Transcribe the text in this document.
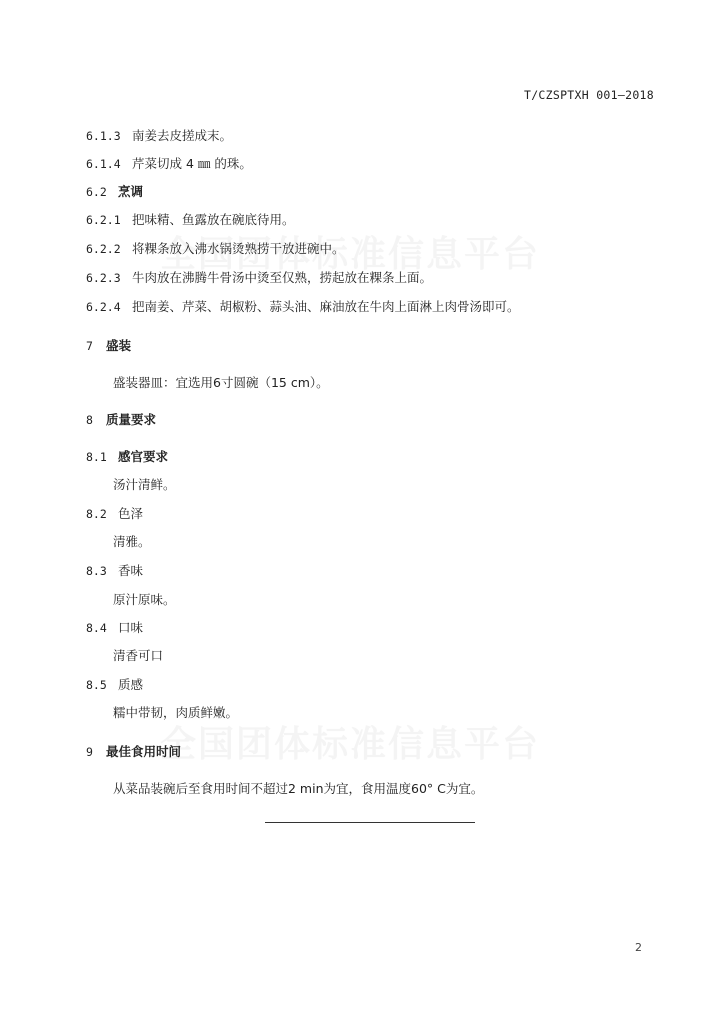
T/CZSPTXH 001—2018
6.1.3 南姜去皮搓成末。
6.1.4 芹菜切成 4 ㎜ 的珠。
6.2 烹调
6.2.1 把味精、鱼露放在碗底待用。
6.2.2 将粿条放入沸水锅烫熟捞干放进碗中。
6.2.3 牛肉放在沸腾牛骨汤中烫至仅熟，捞起放在粿条上面。
6.2.4 把南姜、芹菜、胡椒粉、蒜头油、麻油放在牛肉上面淋上肉骨汤即可。
7 盛装
盛装器皿：宜选用6寸圆碗（15 cm）。
8 质量要求
8.1 感官要求
汤汁清鲜。
8.2 色泽
清雅。
8.3 香味
原汁原味。
8.4 口味
清香可口
8.5 质感
糯中带韧，肉质鲜嫩。
9 最佳食用时间
从菜品装碗后至食用时间不超过2 min为宜，食用温度60° C为宜。
2
